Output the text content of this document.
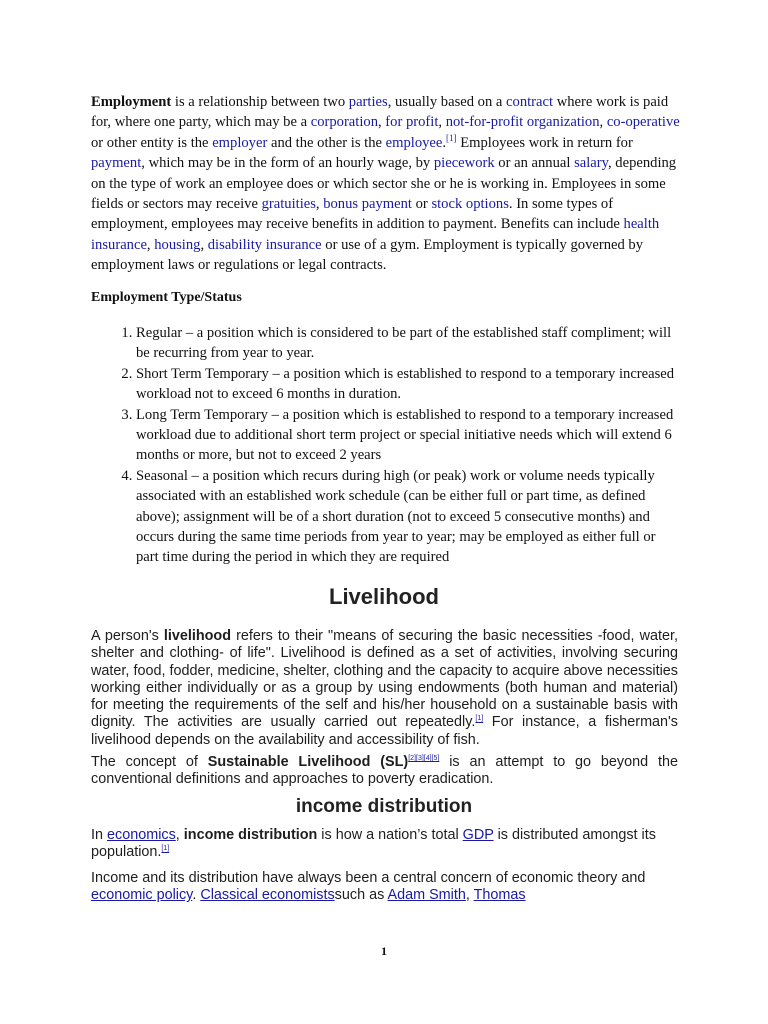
Employment is a relationship between two parties, usually based on a contract where work is paid for, where one party, which may be a corporation, for profit, not-for-profit organization, co-operative or other entity is the employer and the other is the employee.[1] Employees work in return for payment, which may be in the form of an hourly wage, by piecework or an annual salary, depending on the type of work an employee does or which sector she or he is working in. Employees in some fields or sectors may receive gratuities, bonus payment or stock options. In some types of employment, employees may receive benefits in addition to payment. Benefits can include health insurance, housing, disability insurance or use of a gym. Employment is typically governed by employment laws or regulations or legal contracts.
Employment Type/Status
1. Regular – a position which is considered to be part of the established staff compliment; will be recurring from year to year.
2. Short Term Temporary – a position which is established to respond to a temporary increased workload not to exceed 6 months in duration.
3. Long Term Temporary – a position which is established to respond to a temporary increased workload due to additional short term project or special initiative needs which will extend 6 months or more, but not to exceed 2 years
4. Seasonal – a position which recurs during high (or peak) work or volume needs typically associated with an established work schedule (can be either full or part time, as defined above); assignment will be of a short duration (not to exceed 5 consecutive months) and occurs during the same time periods from year to year; may be employed as either full or part time during the period in which they are required
Livelihood
A person's livelihood refers to their "means of securing the basic necessities -food, water, shelter and clothing- of life". Livelihood is defined as a set of activities, involving securing water, food, fodder, medicine, shelter, clothing and the capacity to acquire above necessities working either individually or as a group by using endowments (both human and material) for meeting the requirements of the self and his/her household on a sustainable basis with dignity. The activities are usually carried out repeatedly.[1] For instance, a fisherman's livelihood depends on the availability and accessibility of fish.
The concept of Sustainable Livelihood (SL)[2][3][4][5] is an attempt to go beyond the conventional definitions and approaches to poverty eradication.
income distribution
In economics, income distribution is how a nation’s total GDP is distributed amongst its population.[1]
Income and its distribution have always been a central concern of economic theory and economic policy. Classical economistssuch as Adam Smith, Thomas
1
